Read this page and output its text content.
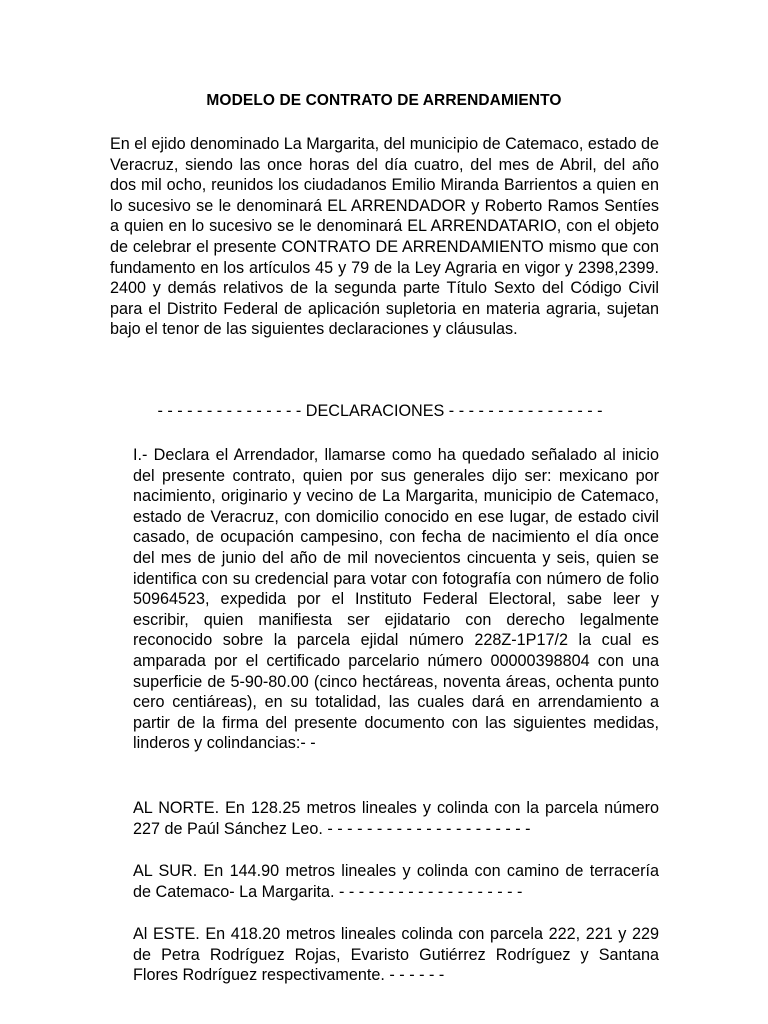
MODELO DE CONTRATO DE ARRENDAMIENTO

En el ejido denominado La Margarita, del municipio de Catemaco, estado de Veracruz, siendo las once horas del día cuatro, del mes de Abril, del año dos mil ocho, reunidos los ciudadanos Emilio Miranda Barrientos a quien en lo sucesivo se le denominará EL ARRENDADOR y Roberto Ramos Sentíes a quien en lo sucesivo se le denominará EL ARRENDATARIO, con el objeto de celebrar el presente CONTRATO DE ARRENDAMIENTO mismo que con fundamento en los artículos 45 y 79 de la Ley Agraria en vigor y 2398,2399. 2400 y demás relativos de la segunda parte Título Sexto del Código Civil para el Distrito Federal de aplicación supletoria en materia agraria, sujetan bajo el tenor de las siguientes declaraciones y cláusulas.

- - - - - - - - - - - - - - - DECLARACIONES - - - - - - - - - - - - - - - -

I.- Declara el Arrendador, llamarse como ha quedado señalado al inicio del presente contrato, quien por sus generales dijo ser: mexicano por nacimiento, originario y vecino de La Margarita, municipio de Catemaco, estado de Veracruz, con domicilio conocido en ese lugar, de estado civil casado, de ocupación campesino, con fecha de nacimiento el día once del mes de junio del año de mil novecientos cincuenta y seis, quien se identifica con su credencial para votar con fotografía con número de folio 50964523, expedida por el Instituto Federal Electoral, sabe leer y escribir, quien manifiesta ser ejidatario con derecho legalmente reconocido sobre la parcela ejidal número 228Z-1P17/2 la cual es amparada por el certificado parcelario número 00000398804 con una superficie de 5-90-80.00 (cinco hectáreas, noventa áreas, ochenta punto cero centiáreas), en su totalidad, las cuales dará en arrendamiento a partir de la firma del presente documento con las siguientes medidas, linderos y colindancias:- -

AL NORTE. En 128.25 metros lineales y colinda con la parcela número 227 de Paúl Sánchez Leo. - - - - - - - - - - - - - - - - - - - - -

AL SUR. En 144.90 metros lineales y colinda con camino de terracería de Catemaco- La Margarita. - - - - - - - - - - - - - - - - - - -

Al ESTE. En 418.20 metros lineales colinda con parcela 222, 221 y 229 de Petra Rodríguez Rojas, Evaristo Gutiérrez Rodríguez y Santana Flores Rodríguez respectivamente. - - - - - -
